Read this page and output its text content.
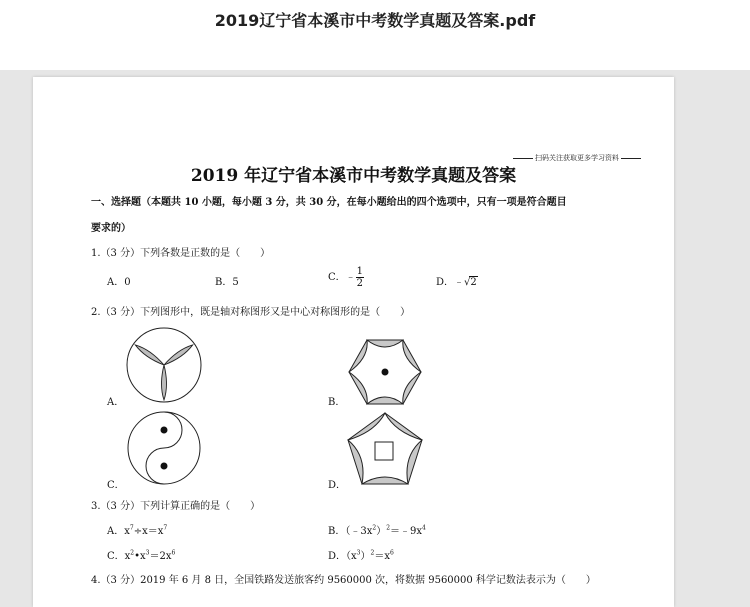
2019辽宁省本溪市中考数学真题及答案.pdf
扫码关注获取更多学习资料
2019 年辽宁省本溪市中考数学真题及答案
一、选择题（本题共 10 小题，每小题 3 分，共 30 分，在每小题给出的四个选项中，只有一项是符合题目
要求的）
1.（3 分）下列各数是正数的是（　　）
A．0	B．5	C．﹣ $\frac{1}{2}$	D．﹣√2
2.（3 分）下列图形中，既是轴对称图形又是中心对称图形的是（　　）
A．	B．
C．	D．
3.（3 分）下列计算正确的是（　　）
A．$x^7\div x=x^7$	B．$(﹣3x^2)^2=﹣9x^4$
C．$x^2•x^3=2x^6$	D．$(x^3)^2=x^6$
4.（3 分）2019 年 6 月 8 日，全国铁路发送旅客约 9560000 次，将数据 9560000 科学记数法表示为（　　）
